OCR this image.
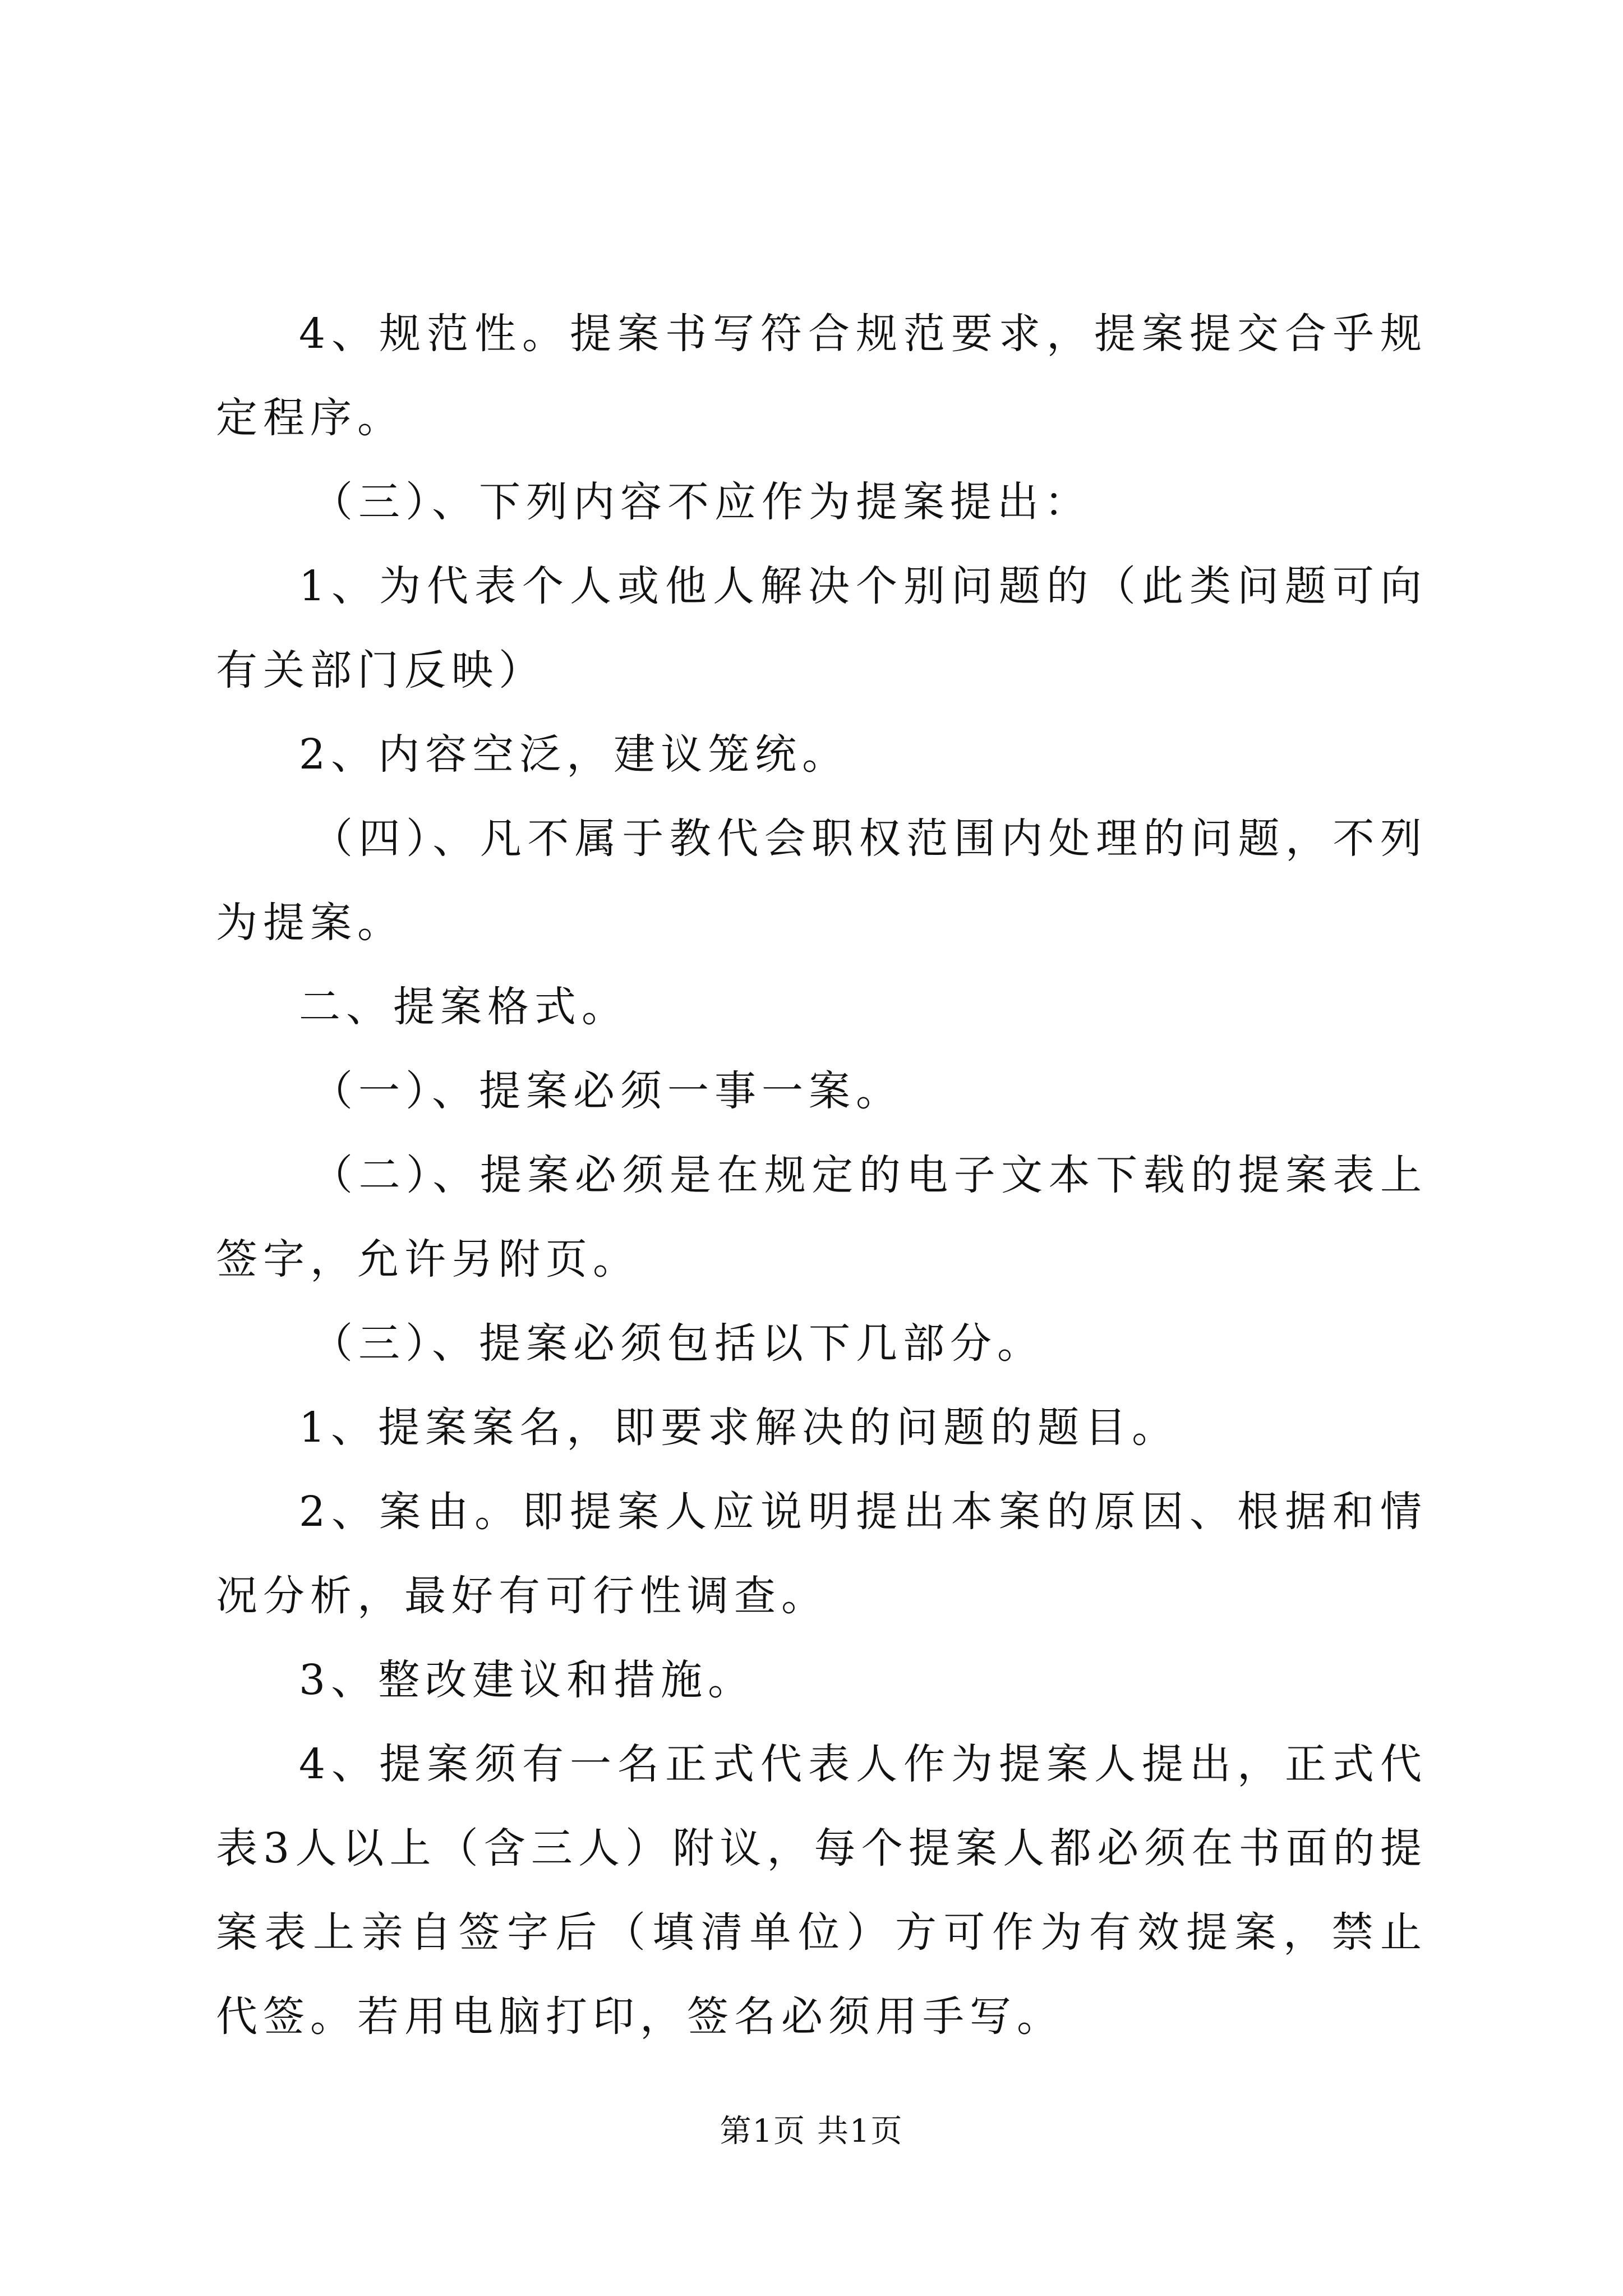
4、规范性。提案书写符合规范要求，提案提交合乎规定程序。

（三）、下列内容不应作为提案提出：

1、为代表个人或他人解决个别问题的（此类问题可向有关部门反映）

2、内容空泛，建议笼统。

（四）、凡不属于教代会职权范围内处理的问题，不列为提案。

二、提案格式。

（一）、提案必须一事一案。

（二）、提案必须是在规定的电子文本下载的提案表上签字，允许另附页。

（三）、提案必须包括以下几部分。

1、提案案名，即要求解决的问题的题目。

2、案由。即提案人应说明提出本案的原因、根据和情况分析，最好有可行性调查。

3、整改建议和措施。

4、提案须有一名正式代表人作为提案人提出，正式代表3人以上（含三人）附议，每个提案人都必须在书面的提案表上亲自签字后（填清单位）方可作为有效提案，禁止代签。若用电脑打印，签名必须用手写。

第1页 共1页
